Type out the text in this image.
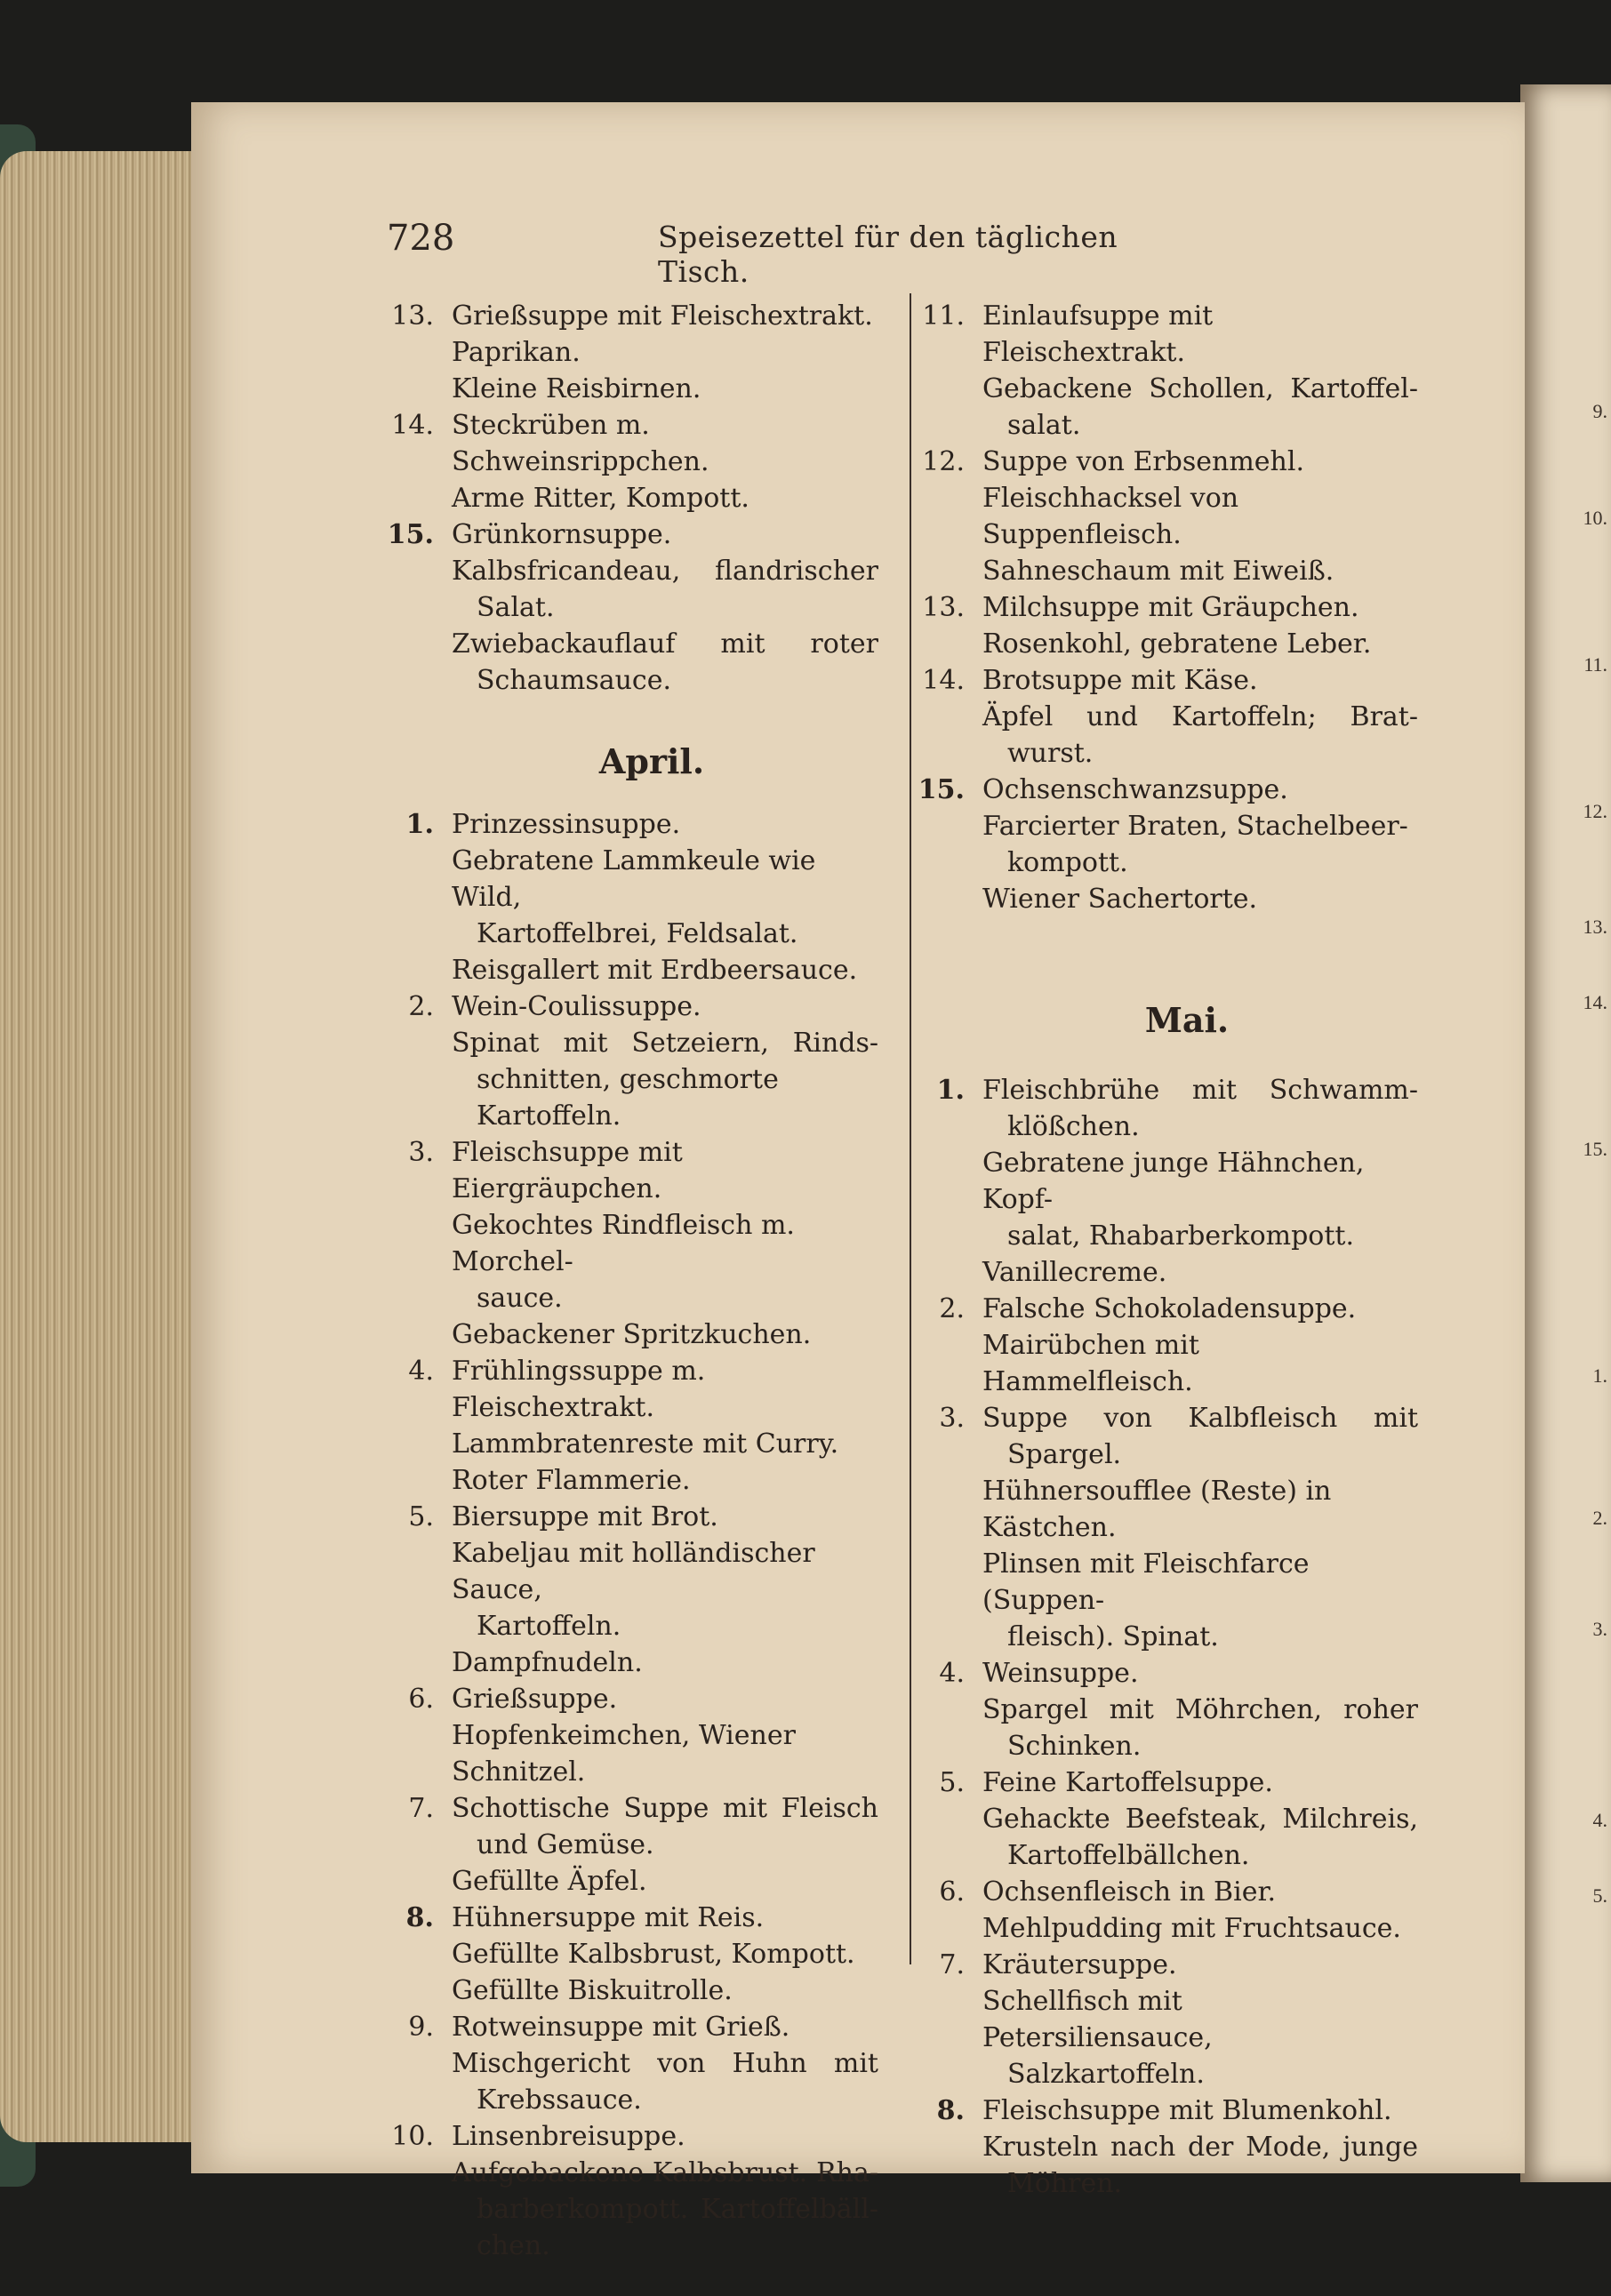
9.
10.
11.
12.
13.
14.
15.
1.
2.
3.
4.
5.
728	Speisezettel für den täglichen Tisch.
13. Grießsuppe mit Fleischextrakt.
Paprikan.
Kleine Reisbirnen.
14. Steckrüben m. Schweinsrippchen.
Arme Ritter, Kompott.
15. Grünkornsuppe.
Kalbsfricandeau, flandrischer
Salat.
Zwiebackauflauf mit roter
Schaumsauce.
April.
1. Prinzessinsuppe.
Gebratene Lammkeule wie Wild,
Kartoffelbrei, Feldsalat.
Reisgallert mit Erdbeersauce.
2. Wein-Coulissuppe.
Spinat mit Setzeiern, Rinds-
schnitten, geschmorte Kartoffeln.
3. Fleischsuppe mit Eiergräupchen.
Gekochtes Rindfleisch m. Morchel-
sauce.
Gebackener Spritzkuchen.
4. Frühlingssuppe m. Fleischextrakt.
Lammbratenreste mit Curry.
Roter Flammerie.
5. Biersuppe mit Brot.
Kabeljau mit holländischer Sauce,
Kartoffeln.
Dampfnudeln.
6. Grießsuppe.
Hopfenkeimchen, Wiener Schnitzel.
7. Schottische Suppe mit Fleisch
und Gemüse.
Gefüllte Äpfel.
8. Hühnersuppe mit Reis.
Gefüllte Kalbsbrust, Kompott.
Gefüllte Biskuitrolle.
9. Rotweinsuppe mit Grieß.
Mischgericht von Huhn mit
Krebssauce.
10. Linsenbreisuppe.
Aufgebackene Kalbsbrust. Rha-
barberkompott. Kartoffelbäll-
chen.
11. Einlaufsuppe mit Fleischextrakt.
Gebackene Schollen, Kartoffel-
salat.
12. Suppe von Erbsenmehl.
Fleischhacksel von Suppenfleisch.
Sahneschaum mit Eiweiß.
13. Milchsuppe mit Gräupchen.
Rosenkohl, gebratene Leber.
14. Brotsuppe mit Käse.
Äpfel und Kartoffeln; Brat-
wurst.
15. Ochsenschwanzsuppe.
Farcierter Braten, Stachelbeer-
kompott.
Wiener Sachertorte.
Mai.
1. Fleischbrühe mit Schwamm-
klößchen.
Gebratene junge Hähnchen, Kopf-
salat, Rhabarberkompott.
Vanillecreme.
2. Falsche Schokoladensuppe.
Mairübchen mit Hammelfleisch.
3. Suppe von Kalbfleisch mit
Spargel.
Hühnersoufflee (Reste) in Kästchen.
Plinsen mit Fleischfarce (Suppen-
fleisch). Spinat.
4. Weinsuppe.
Spargel mit Möhrchen, roher
Schinken.
5. Feine Kartoffelsuppe.
Gehackte Beefsteak, Milchreis,
Kartoffelbällchen.
6. Ochsenfleisch in Bier.
Mehlpudding mit Fruchtsauce.
7. Kräutersuppe.
Schellfisch mit Petersiliensauce,
Salzkartoffeln.
8. Fleischsuppe mit Blumenkohl.
Krusteln nach der Mode, junge
Möhren.
